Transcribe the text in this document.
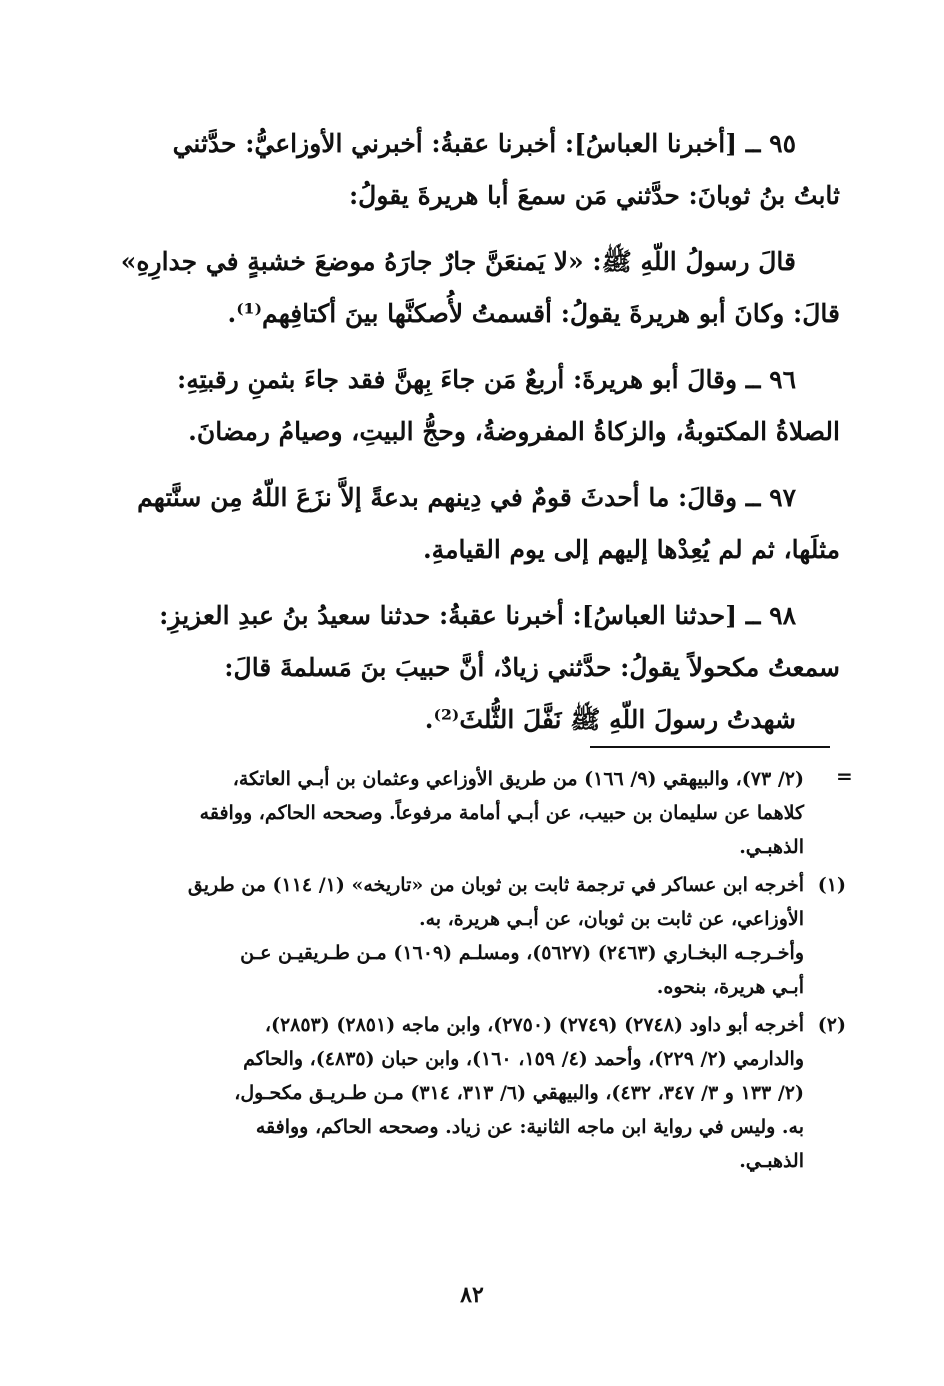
٩٥ ــ [أخبرنا العباسُ]: أخبرنا عقبةُ: أخبرني الأوزاعيُّ: حدَّثني
ثابتُ بنُ ثوبانَ: حدَّثني مَن سمعَ أبا هريرةَ يقولُ:

قالَ رسولُ اللّهِ ﷺ: «لا يَمنعَنَّ جارٌ جارَهُ موضعَ خشبةٍ في جدارِهِ»
قالَ: وكانَ أبو هريرةَ يقولُ: أقسمتُ لأُصكنَّها بينَ أكتافِهم⁽¹⁾.

٩٦ ــ وقالَ أبو هريرةَ: أربعٌ مَن جاءَ بِهنَّ فقد جاءَ بثمنِ رقبتِهِ:
الصلاةُ المكتوبةُ، والزكاةُ المفروضةُ، وحجُّ البيتِ، وصيامُ رمضانَ.

٩٧ ــ وقالَ: ما أحدثَ قومٌ في دِينهم بدعةً إلاَّ نزَعَ اللّهُ مِن سنَّتهم
مثلَها، ثم لم يُعِدْها إليهم إلى يوم القيامةِ.

٩٨ ــ [حدثنا العباسُ]: أخبرنا عقبةُ: حدثنا سعيدُ بنُ عبدِ العزيزِ:
سمعتُ مكحولاً يقولُ: حدَّثني زيادٌ، أنَّ حبيبَ بنَ مَسلمةَ قالَ:
شهدتُ رسولَ اللّهِ ﷺ نَفَّلَ الثُّلثَ⁽²⁾.

=
(٢/ ٧٣)، والبيهقي (٩/ ١٦٦) من طريق الأوزاعي وعثمان بن أبـي العاتكة،
كلاهما عن سليمان بن حبيب، عن أبـي أمامة مرفوعاً. وصححه الحاكم، ووافقه
الذهبـي.
(١)
أخرجه ابن عساكر في ترجمة ثابت بن ثوبان من «تاريخه» (١/ ١١٤) من طريق
الأوزاعي، عن ثابت بن ثوبان، عن أبـي هريرة، به.
وأخـرجـه البخـاري (٢٤٦٣) (٥٦٢٧)، ومسلـم (١٦٠٩) مـن طـريقيـن عـن
أبـي هريرة، بنحوه.
(٢)
أخرجه أبو داود (٢٧٤٨) (٢٧٤٩) (٢٧٥٠)، وابن ماجه (٢٨٥١) (٢٨٥٣)،
والدارمي (٢/ ٢٢٩)، وأحمد (٤/ ١٥٩، ١٦٠)، وابن حبان (٤٨٣٥)، والحاكم
(٢/ ١٣٣ و ٣/ ٣٤٧، ٤٣٢)، والبيهقي (٦/ ٣١٣، ٣١٤) مـن طـريـق مكحـول،
به. وليس في رواية ابن ماجه الثانية: عن زياد. وصححه الحاكم، ووافقه
الذهبـي.
٨٢
